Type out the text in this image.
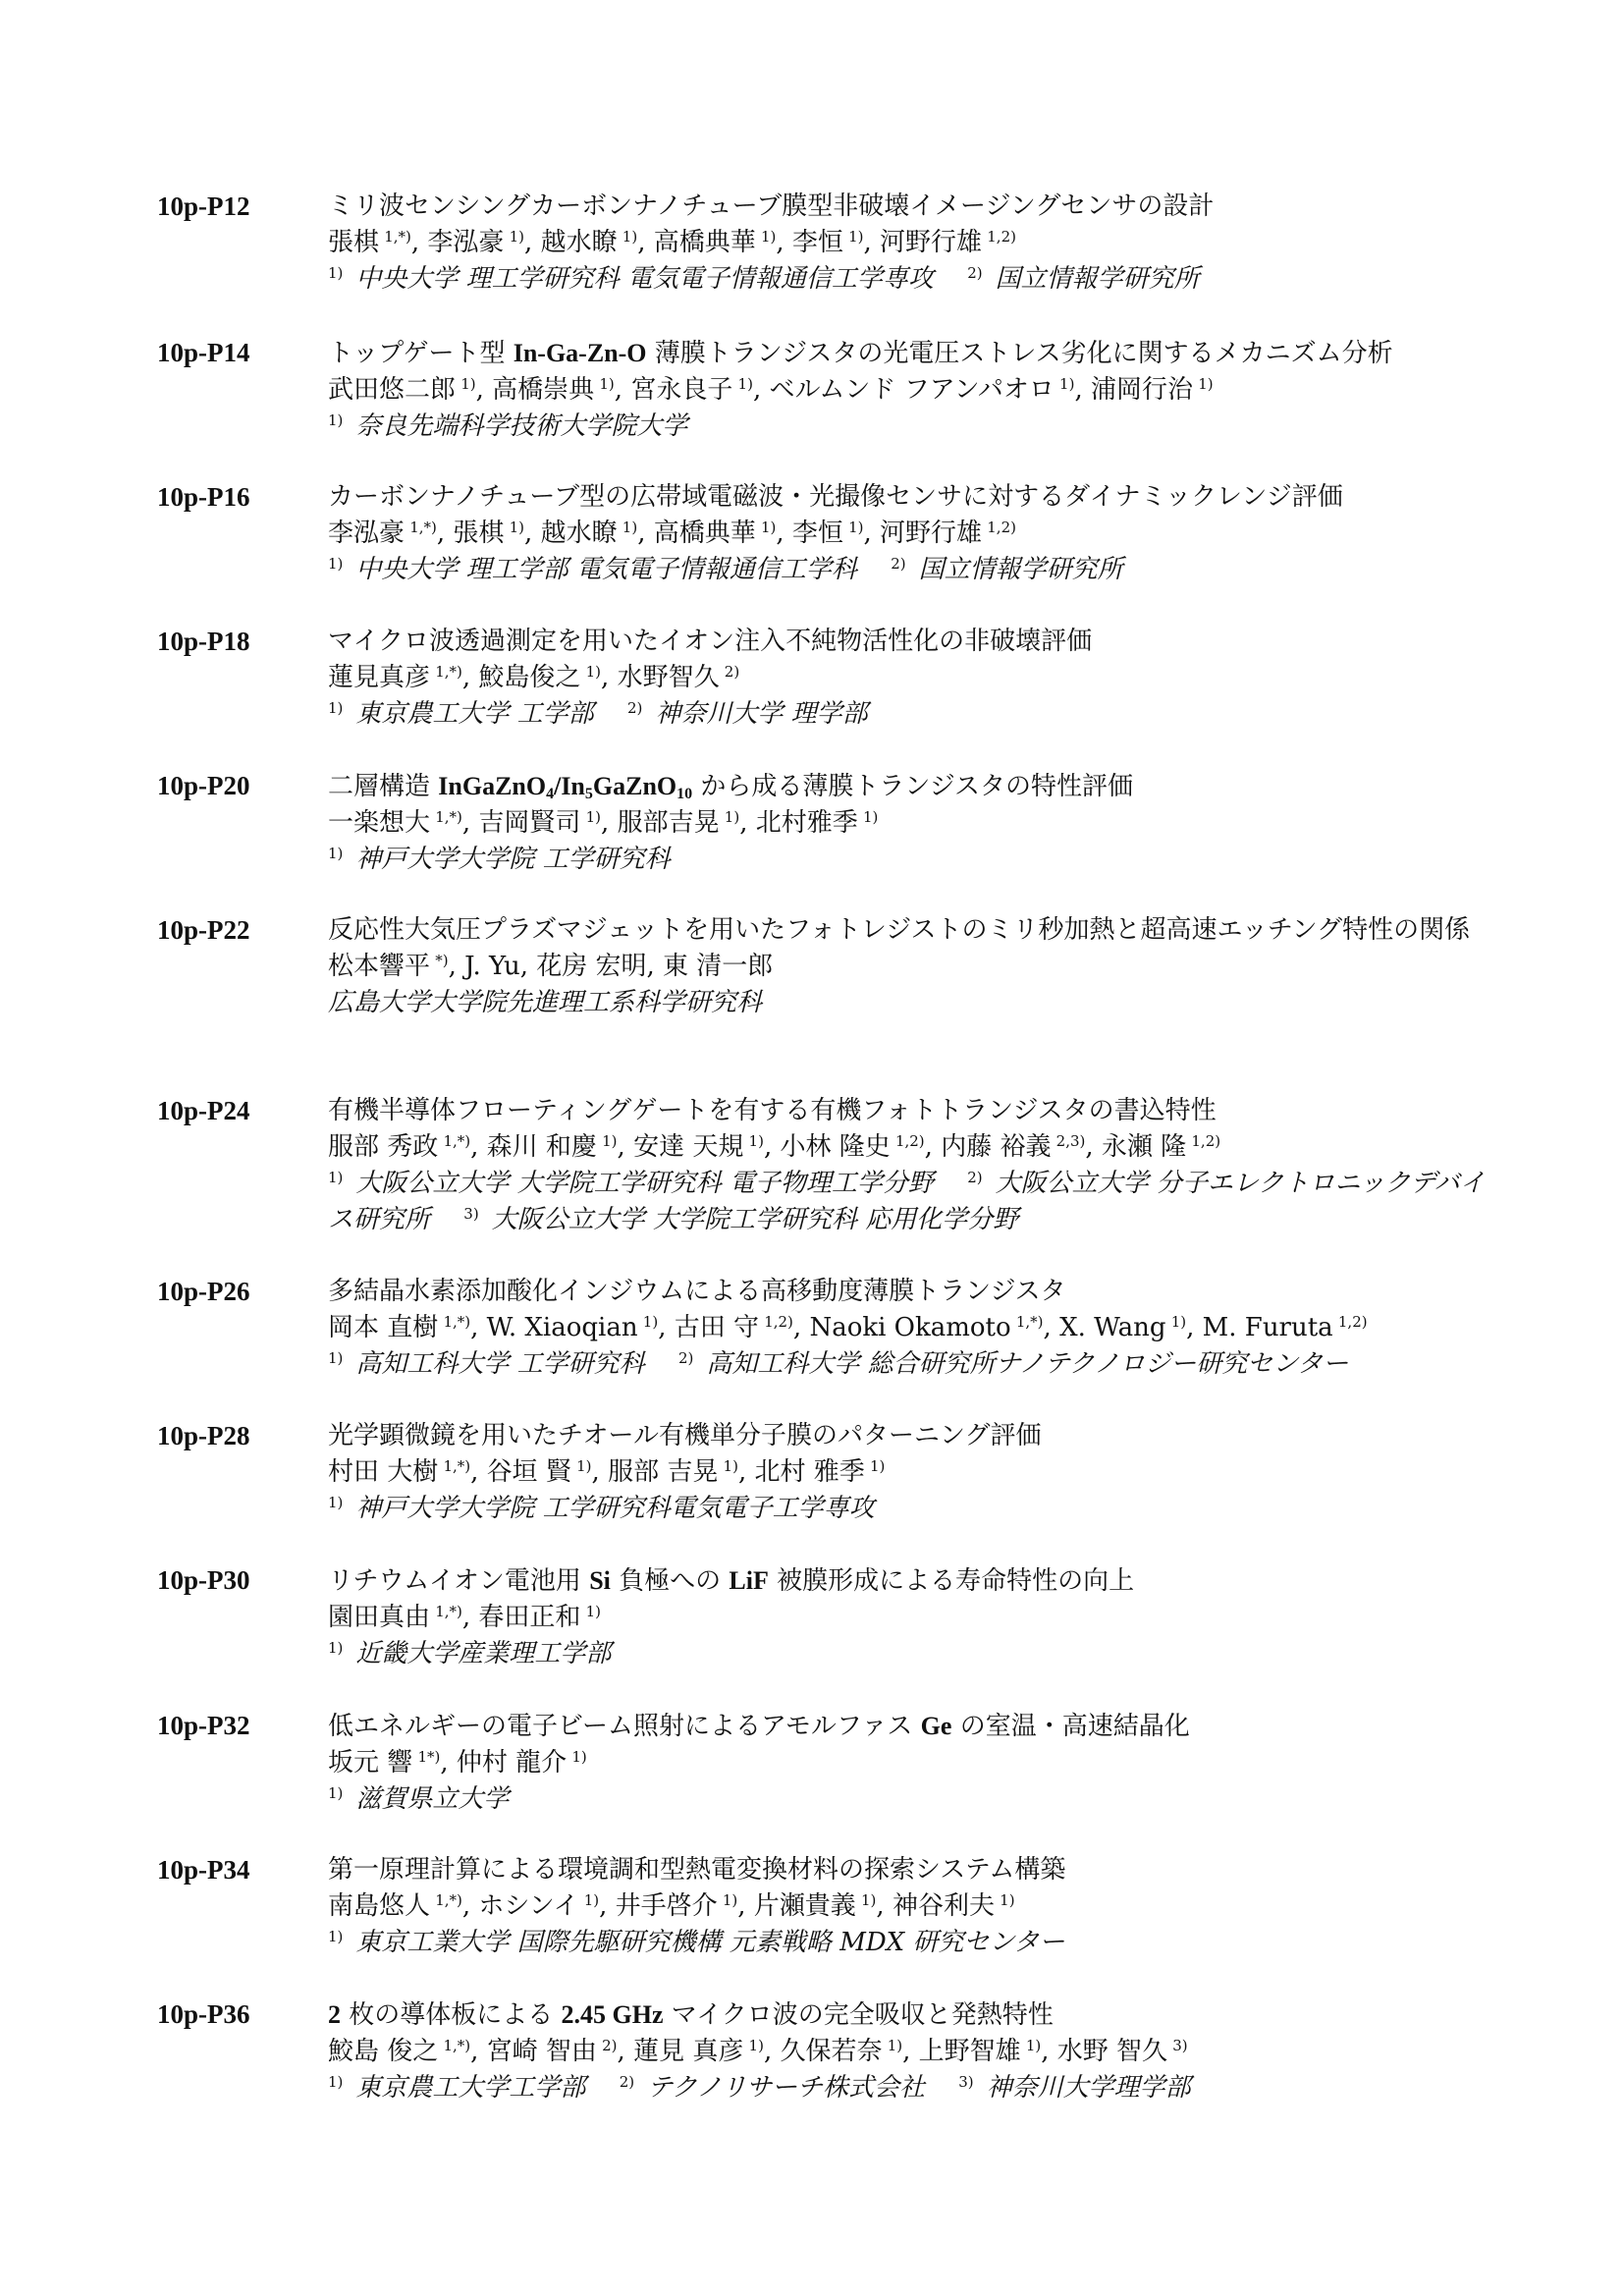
10p-P12	ミリ波センシングカーボンナノチューブ膜型非破壊イメージングセンサの設計
張棋  $^{1,*)}$, 李泓豪  $^{1)}$, 越水瞭  $^{1)}$, 高橋典華  $^{1)}$, 李恒  $^{1)}$, 河野行雄  $^{1,2)}$
$^{1)}$  中央大学 理工学研究科 電気電子情報通信工学専攻　 $^{2)}$  国立情報学研究所
10p-P14	トップゲート型 In-Ga-Zn-O 薄膜トランジスタの光電圧ストレス劣化に関するメカニズム分析
武田悠二郎  $^{1)}$, 高橋崇典  $^{1)}$, 宮永良子  $^{1)}$, ベルムンド フアンパオロ  $^{1)}$, 浦岡行治  $^{1)}$
$^{1)}$  奈良先端科学技術大学院大学
10p-P16	カーボンナノチューブ型の広帯域電磁波・光撮像センサに対するダイナミックレンジ評価
李泓豪  $^{1,*)}$, 張棋  $^{1)}$, 越水瞭  $^{1)}$, 高橋典華  $^{1)}$, 李恒  $^{1)}$, 河野行雄  $^{1,2)}$
$^{1)}$  中央大学 理工学部 電気電子情報通信工学科　 $^{2)}$  国立情報学研究所
10p-P18	マイクロ波透過測定を用いたイオン注入不純物活性化の非破壊評価
蓮見真彦  $^{1,*)}$, 鮫島俊之  $^{1)}$, 水野智久  $^{2)}$
$^{1)}$  東京農工大学 工学部　 $^{2)}$  神奈川大学 理学部
10p-P20	二層構造 $InGaZnO_4/In_5GaZnO_{10}$ から成る薄膜トランジスタの特性評価
一楽想大  $^{1,*)}$, 吉岡賢司  $^{1)}$, 服部吉晃  $^{1)}$, 北村雅季  $^{1)}$
$^{1)}$  神戸大学大学院 工学研究科
10p-P22	反応性大気圧プラズマジェットを用いたフォトレジストのミリ秒加熱と超高速エッチング特性の関係
松本響平  *), J. Yu, 花房 宏明, 東 清一郎
広島大学大学院先進理工系科学研究科
10p-P24	有機半導体フローティングゲートを有する有機フォトトランジスタの書込特性
服部 秀政  $^{1,*)}$, 森川 和慶  $^{1)}$, 安達 天規  $^{1)}$, 小林 隆史  $^{1,2)}$, 内藤 裕義  $^{2,3)}$, 永瀬 隆  $^{1,2)}$
$^{1)}$  大阪公立大学 大学院工学研究科 電子物理工学分野　 $^{2)}$  大阪公立大学 分子エレクトロニックデバイス研究所　 $^{3)}$  大阪公立大学 大学院工学研究科 応用化学分野
10p-P26	多結晶水素添加酸化インジウムによる高移動度薄膜トランジスタ
岡本 直樹  $^{1,*)}$, W. Xiaoqian  $^{1)}$, 古田 守  $^{1,2)}$, Naoki Okamoto  $^{1,*)}$, X. Wang  $^{1)}$, M. Furuta  $^{1,2)}$
$^{1)}$  高知工科大学 工学研究科　 $^{2)}$  高知工科大学 総合研究所ナノテクノロジー研究センター
10p-P28	光学顕微鏡を用いたチオール有機単分子膜のパターニング評価
村田 大樹  $^{1,*)}$, 谷垣 賢  $^{1)}$, 服部 吉晃  $^{1)}$, 北村 雅季  $^{1)}$
$^{1)}$  神戸大学大学院 工学研究科電気電子工学専攻
10p-P30	リチウムイオン電池用 Si 負極への LiF 被膜形成による寿命特性の向上
園田真由  $^{1,*)}$, 春田正和  $^{1)}$
$^{1)}$  近畿大学産業理工学部
10p-P32	低エネルギーの電子ビーム照射によるアモルファス Ge の室温・高速結晶化
坂元 響  $^{1*)}$, 仲村 龍介  $^{1)}$
$^{1)}$  滋賀県立大学
10p-P34	第一原理計算による環境調和型熱電変換材料の探索システム構築
南島悠人  $^{1,*)}$, ホシンイ  $^{1)}$, 井手啓介  $^{1)}$, 片瀬貴義  $^{1)}$, 神谷利夫  $^{1)}$
$^{1)}$  東京工業大学 国際先駆研究機構 元素戦略 MDX 研究センター
10p-P36	2 枚の導体板による 2.45 GHz マイクロ波の完全吸収と発熱特性
鮫島 俊之  $^{1,*)}$, 宮崎 智由  $^{2)}$, 蓮見 真彦  $^{1)}$, 久保若奈  $^{1)}$, 上野智雄  $^{1)}$, 水野 智久  $^{3)}$
$^{1)}$  東京農工大学工学部　 $^{2)}$  テクノリサーチ株式会社　 $^{3)}$  神奈川大学理学部
